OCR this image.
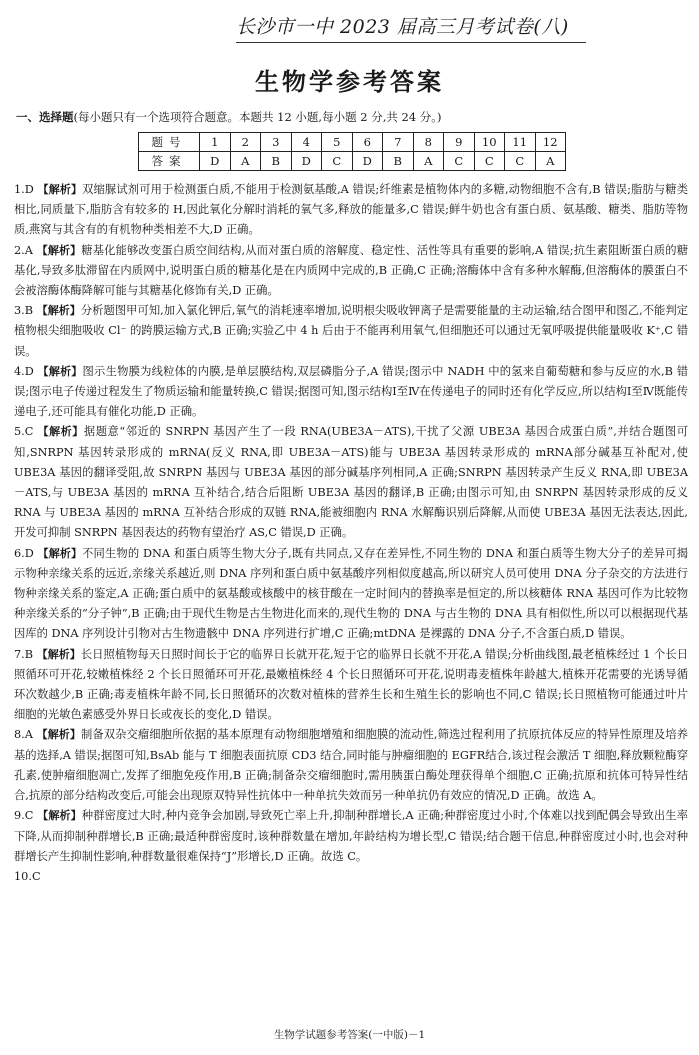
长沙市一中 2023 届高三月考试卷(八)
生物学参考答案
一、选择题(每小题只有一个选项符合题意。本题共 12 小题,每小题 2 分,共 24 分。)
题号	1	2	3	4	5	6	7	8	9	10	11	12
答案	D	A	B	D	C	D	B	A	C	C	C	A

1.D 【解析】双缩脲试剂可用于检测蛋白质,不能用于检测氨基酸,A 错误;纤维素是植物体内的多糖,动物细胞不含有,B 错误;脂肪与糖类相比,同质量下,脂肪含有较多的 H,因此氧化分解时消耗的氧气多,释放的能量多,C 错误;鲜牛奶也含有蛋白质、氨基酸、糖类、脂肪等物质,燕窝与其含有的有机物种类相差不大,D 正确。

2.A 【解析】糖基化能够改变蛋白质空间结构,从而对蛋白质的溶解度、稳定性、活性等具有重要的影响,A 错误;抗生素阻断蛋白质的糖基化,导致多肽滞留在内质网中,说明蛋白质的糖基化是在内质网中完成的,B 正确,C 正确;溶酶体中含有多种水解酶,但溶酶体的膜蛋白不会被溶酶体酶降解可能与其糖基化修饰有关,D 正确。

3.B 【解析】分析题图甲可知,加入氯化钾后,氧气的消耗速率增加,说明根尖吸收钾离子是需要能量的主动运输,结合图甲和图乙,不能判定植物根尖细胞吸收 Cl⁻ 的跨膜运输方式,B 正确;实验乙中 4 h 后由于不能再利用氧气,但细胞还可以通过无氧呼吸提供能量吸收 K⁺,C 错误。

4.D 【解析】图示生物膜为线粒体的内膜,是单层膜结构,双层磷脂分子,A 错误;图示中 NADH 中的氢来自葡萄糖和参与反应的水,B 错误;图示电子传递过程发生了物质运输和能量转换,C 错误;据图可知,图示结构Ⅰ至Ⅳ在传递电子的同时还有化学反应,所以结构Ⅰ至Ⅳ既能传递电子,还可能具有催化功能,D 正确。

5.C 【解析】据题意“邻近的 SNRPN 基因产生了一段 RNA(UBE3A－ATS),干扰了父源 UBE3A 基因合成蛋白质”,并结合题图可知,SNRPN 基因转录形成的 mRNA(反义 RNA,即 UBE3A－ATS)能与 UBE3A 基因转录形成的 mRNA部分碱基互补配对,使 UBE3A 基因的翻译受阻,故 SNRPN 基因与 UBE3A 基因的部分碱基序列相同,A 正确;SNRPN 基因转录产生反义 RNA,即 UBE3A－ATS,与 UBE3A 基因的 mRNA 互补结合,结合后阻断 UBE3A 基因的翻译,B 正确;由图示可知,由 SNRPN 基因转录形成的反义 RNA 与 UBE3A 基因的 mRNA 互补结合形成的双链 RNA,能被细胞内 RNA 水解酶识别后降解,从而使 UBE3A 基因无法表达,因此,开发可抑制 SNRPN 基因表达的药物有望治疗 AS,C 错误,D 正确。

6.D 【解析】不同生物的 DNA 和蛋白质等生物大分子,既有共同点,又存在差异性,不同生物的 DNA 和蛋白质等生物大分子的差异可揭示物种亲缘关系的远近,亲缘关系越近,则 DNA 序列和蛋白质中氨基酸序列相似度越高,所以研究人员可使用 DNA 分子杂交的方法进行物种亲缘关系的鉴定,A 正确;蛋白质中的氨基酸或核酸中的核苷酸在一定时间内的替换率是恒定的,所以核糖体 RNA 基因可作为比较物种亲缘关系的“分子钟”,B 正确;由于现代生物是古生物进化而来的,现代生物的 DNA 与古生物的 DNA 具有相似性,所以可以根据现代基因库的 DNA 序列设计引物对古生物遗骸中 DNA 序列进行扩增,C 正确;mtDNA 是裸露的 DNA 分子,不含蛋白质,D 错误。

7.B 【解析】长日照植物每天日照时间长于它的临界日长就开花,短于它的临界日长就不开花,A 错误;分析曲线图,最老植株经过 1 个长日照循环可开花,较嫩植株经 2 个长日照循环可开花,最嫩植株经 4 个长日照循环可开花,说明毒麦植株年龄越大,植株开花需要的光诱导循环次数越少,B 正确;毒麦植株年龄不同,长日照循环的次数对植株的营养生长和生殖生长的影响也不同,C 错误;长日照植物可能通过叶片细胞的光敏色素感受外界日长或夜长的变化,D 错误。

8.A 【解析】制备双杂交瘤细胞所依据的基本原理有动物细胞增殖和细胞膜的流动性,筛选过程利用了抗原抗体反应的特异性原理及培养基的选择,A 错误;据图可知,BsAb 能与 T 细胞表面抗原 CD3 结合,同时能与肿瘤细胞的 EGFR结合,该过程会激活 T 细胞,释放颗粒酶穿孔素,使肿瘤细胞凋亡,发挥了细胞免疫作用,B 正确;制备杂交瘤细胞时,需用胰蛋白酶处理获得单个细胞,C 正确;抗原和抗体可特异性结合,抗原的部分结构改变后,可能会出现原双特异性抗体中一种单抗失效而另一种单抗仍有效应的情况,D 正确。故选 A。

9.C 【解析】种群密度过大时,种内竞争会加剧,导致死亡率上升,抑制种群增长,A 正确;种群密度过小时,个体难以找到配偶会导致出生率下降,从而抑制种群增长,B 正确;最适种群密度时,该种群数量在增加,年龄结构为增长型,C 错误;结合题干信息,种群密度过小时,也会对种群增长产生抑制性影响,种群数量很难保持“J”形增长,D 正确。故选 C。

10.C

生物学试题参考答案(一中版)－1
